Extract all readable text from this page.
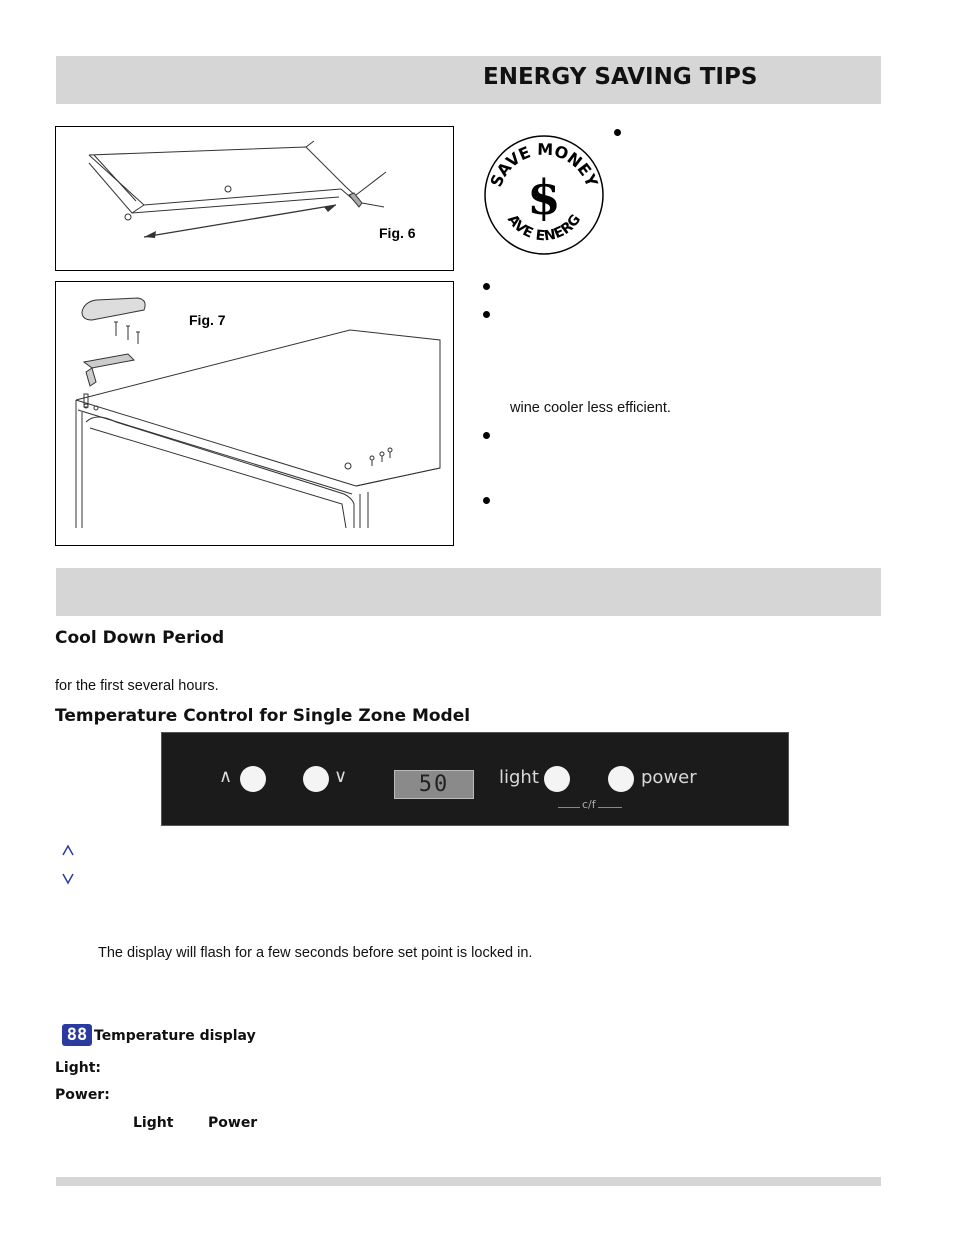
ENERGY SAVING TIPS
Fig. 6
Fig. 7
SAVE MONEY
AVE ENERG
$
wine cooler less efficient.
Cool Down Period
for the first several hours.
Temperature Control for Single Zone Model
∧	∨	50	light	power
c/f
The display will flash for a few seconds before set point is locked in.
88 Temperature display
Light:
Power:
Light Power
